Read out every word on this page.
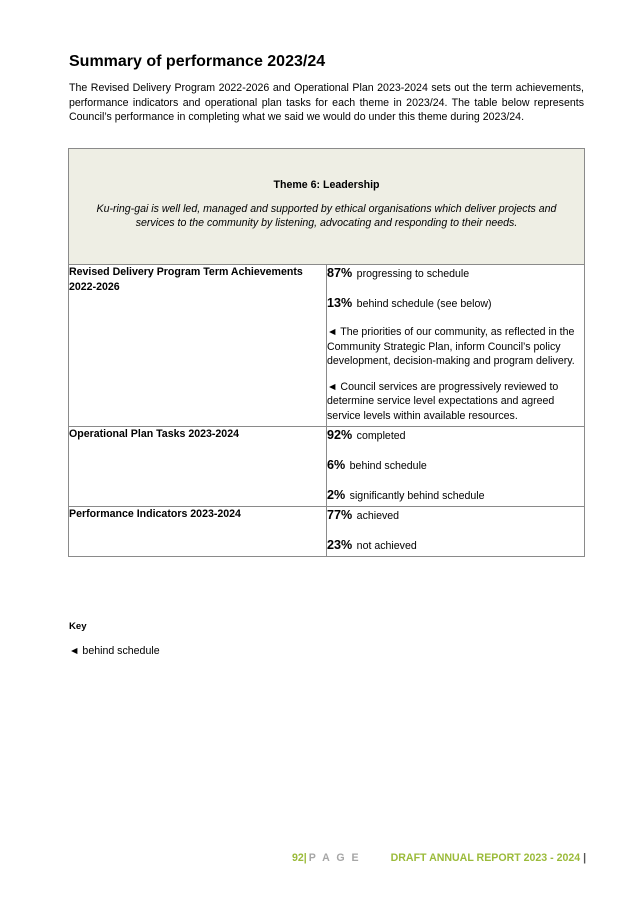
Summary of performance 2023/24

The Revised Delivery Program 2022-2026 and Operational Plan 2023-2024 sets out the term achievements, performance indicators and operational plan tasks for each theme in 2023/24. The table below represents Council’s performance in completing what we said we would do under this theme during 2023/24.

Theme 6: Leadership

Ku-ring-gai is well led, managed and supported by ethical organisations which deliver projects and services to the community by listening, advocating and responding to their needs.	

Revised Delivery Program Term Achievements 2022-2026	87% progressing to schedule

13% behind schedule (see below)

◄ The priorities of our community, as reflected in the Community Strategic Plan, inform Council’s policy development, decision-making and program delivery.

◄ Council services are progressively reviewed to determine service level expectations and agreed service levels within available resources.

Operational Plan Tasks 2023-2024	92% completed

6% behind schedule

2% significantly behind schedule

Performance Indicators 2023-2024	77% achieved

23% not achieved

Key

◄ behind schedule

92| P A G E	DRAFT ANNUAL REPORT 2023 - 2024 |
